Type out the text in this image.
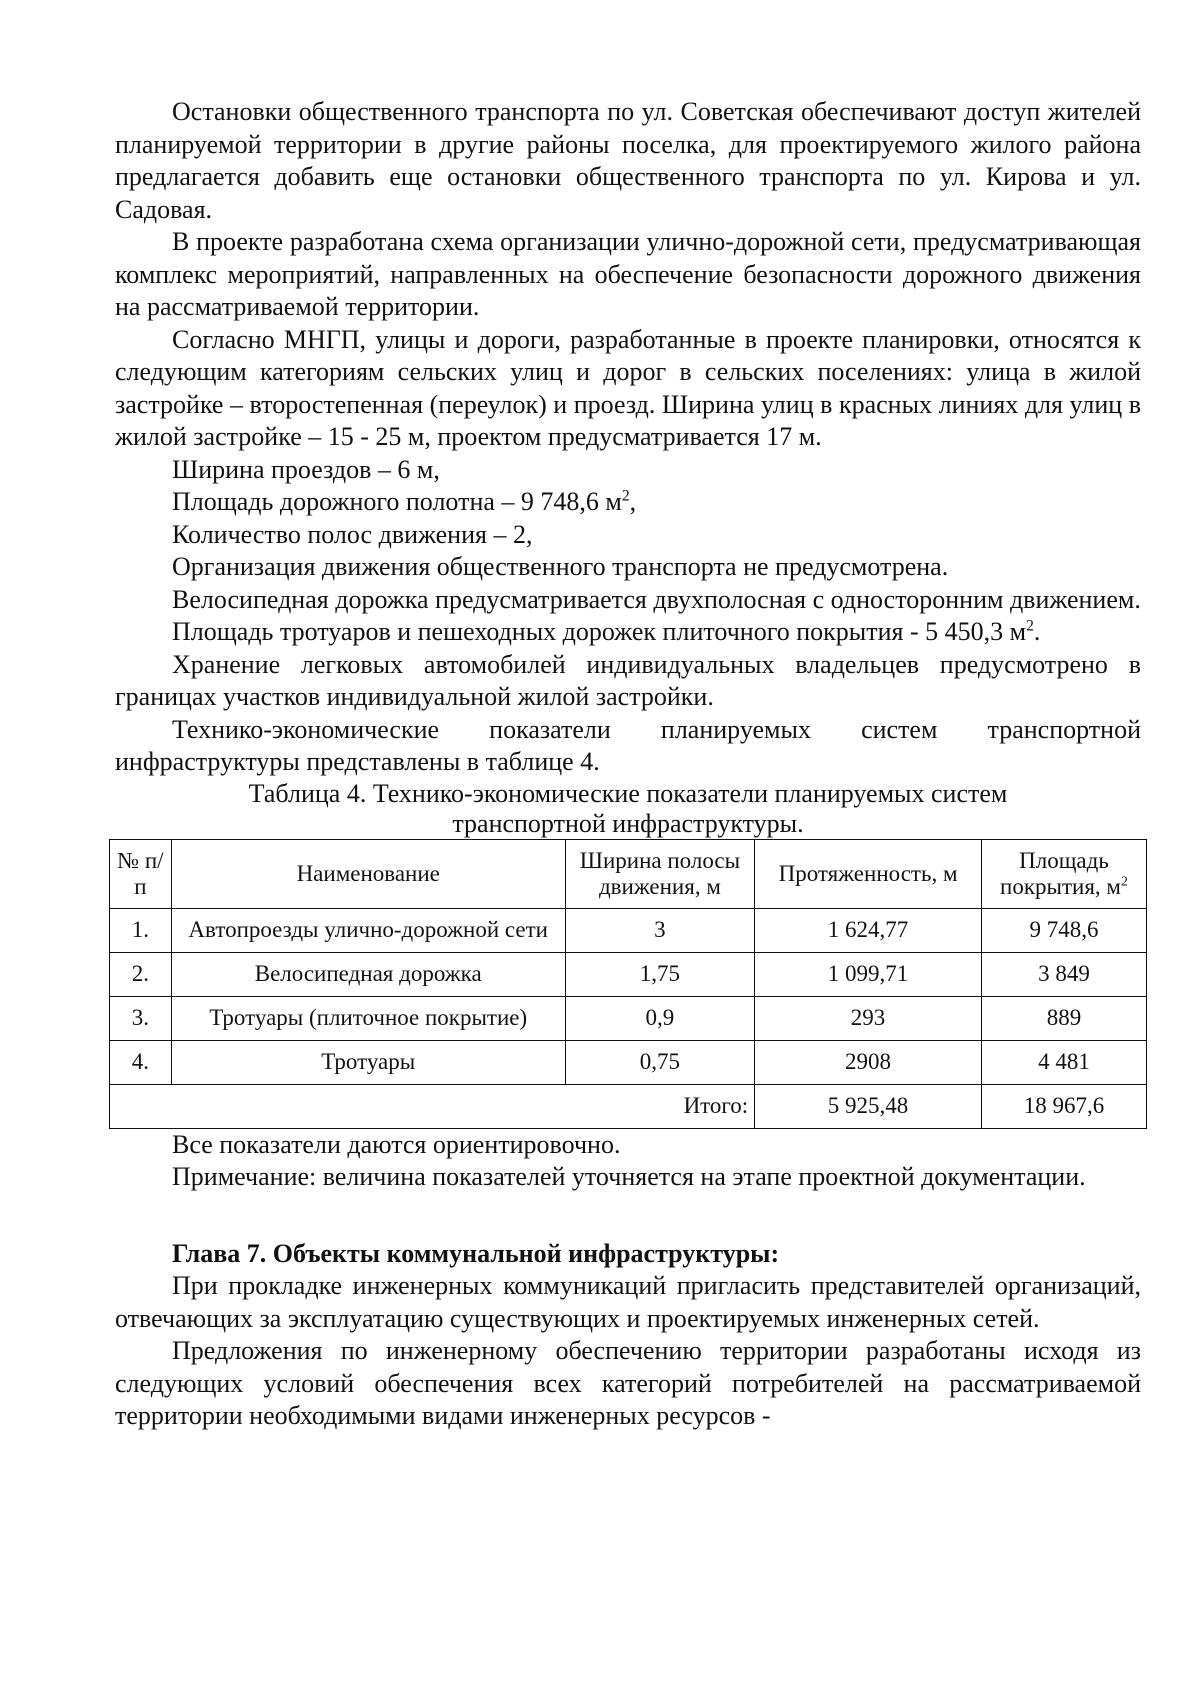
Остановки общественного транспорта по ул. Советская обеспечивают доступ жителей планируемой территории в другие районы поселка, для проектируемого жилого района предлагается добавить еще остановки общественного транспорта по ул. Кирова и ул. Садовая.

В проекте разработана схема организации улично-дорожной сети, предусматривающая комплекс мероприятий, направленных на обеспечение безопасности дорожного движения на рассматриваемой территории.

Согласно МНГП, улицы и дороги, разработанные в проекте планировки, относятся к следующим категориям сельских улиц и дорог в сельских поселениях: улица в жилой застройке – второстепенная (переулок) и проезд. Ширина улиц в красных линиях для улиц в жилой застройке – 15 - 25 м, проектом предусматривается 17 м.

Ширина проездов – 6 м,

Площадь дорожного полотна – 9 748,6 $м^2$,

Количество полос движения – 2,

Организация движения общественного транспорта не предусмотрена.

Велосипедная дорожка предусматривается двухполосная с односторонним движением.

Площадь тротуаров и пешеходных дорожек плиточного покрытия - 5 450,3 $м^2$.

Хранение легковых автомобилей индивидуальных владельцев предусмотрено в границах участков индивидуальной жилой застройки.

Технико-экономические показатели планируемых систем транспортной инфраструктуры представлены в таблице 4.

Таблица 4. Технико-экономические показатели планируемых систем транспортной инфраструктуры.

№ п/п	Наименование	Ширина полосы движения, м	Протяженность, м	Площадь покрытия, $м^2$
1.	Автопроезды улично-дорожной сети	3	1 624,77	9 748,6
2.	Велосипедная дорожка	1,75	1 099,71	3 849
3.	Тротуары (плиточное покрытие)	0,9	293	889
4.	Тротуары	0,75	2908	4 481
Итого:			5 925,48	18 967,6

Все показатели даются ориентировочно.

Примечание: величина показателей уточняется на этапе проектной документации.

Глава 7. Объекты коммунальной инфраструктуры:

При прокладке инженерных коммуникаций пригласить представителей организаций, отвечающих за эксплуатацию существующих и проектируемых инженерных сетей.

Предложения по инженерному обеспечению территории разработаны исходя из следующих условий обеспечения всех категорий потребителей на рассматриваемой территории необходимыми видами инженерных ресурсов -
